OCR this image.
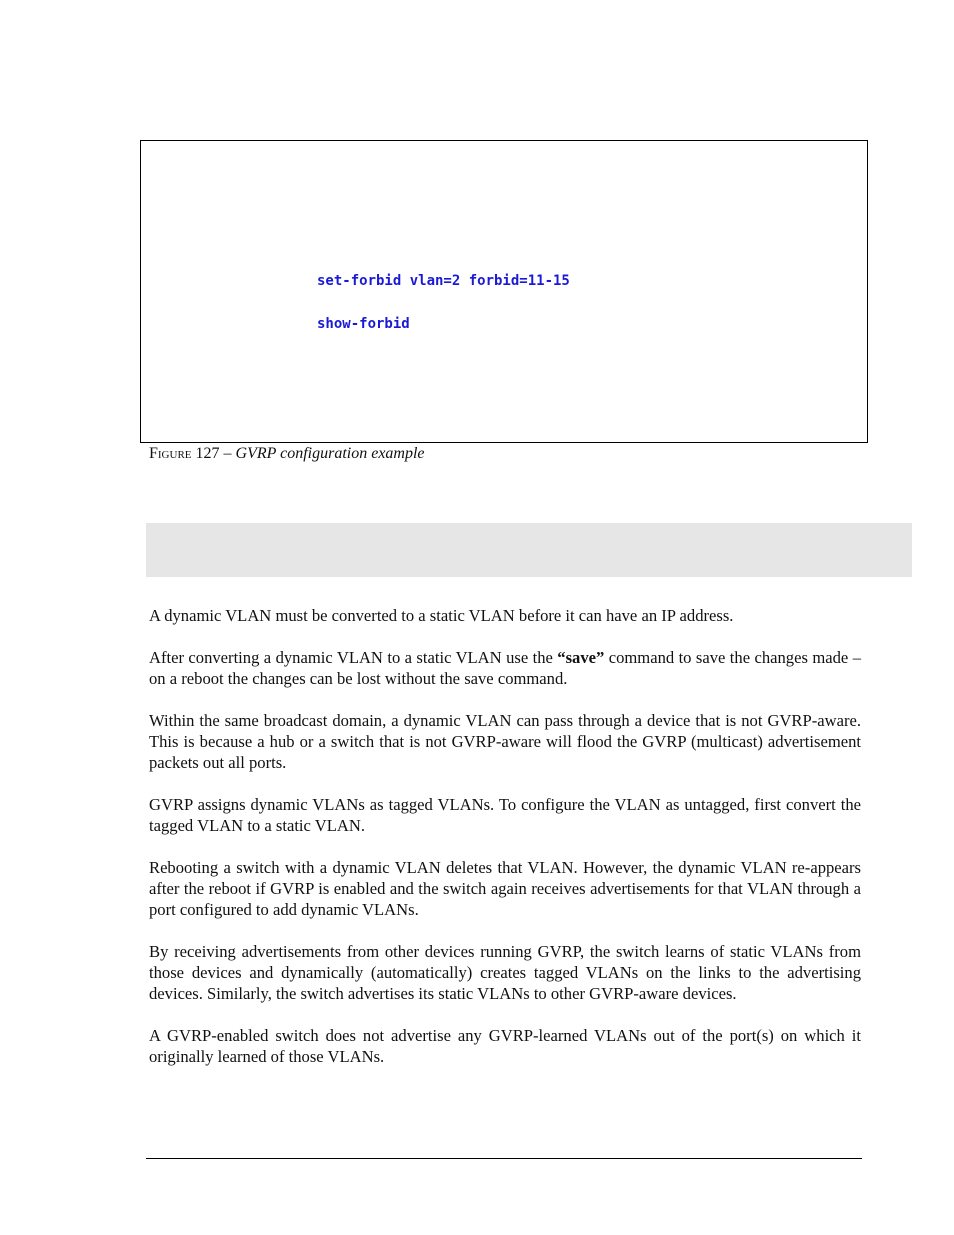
set-forbid vlan=2 forbid=11-15
show-forbid
Figure 127 – GVRP configuration example

A dynamic VLAN must be converted to a static VLAN before it can have an IP address.

After converting a dynamic VLAN to a static VLAN use the “save” command to save the changes made – on a reboot the changes can be lost without the save command.

Within the same broadcast domain, a dynamic VLAN can pass through a device that is not GVRP-aware. This is because a hub or a switch that is not GVRP-aware will flood the GVRP (multicast) advertisement packets out all ports.

GVRP assigns dynamic VLANs as tagged VLANs. To configure the VLAN as untagged, first convert the tagged VLAN to a static VLAN.

Rebooting a switch with a dynamic VLAN deletes that VLAN. However, the dynamic VLAN re-appears after the reboot if GVRP is enabled and the switch again receives advertisements for that VLAN through a port configured to add dynamic VLANs.

By receiving advertisements from other devices running GVRP, the switch learns of static VLANs from those devices and dynamically (automatically) creates tagged VLANs on the links to the advertising devices. Similarly, the switch advertises its static VLANs to other GVRP-aware devices.

A GVRP-enabled switch does not advertise any GVRP-learned VLANs out of the port(s) on which it originally learned of those VLANs.
